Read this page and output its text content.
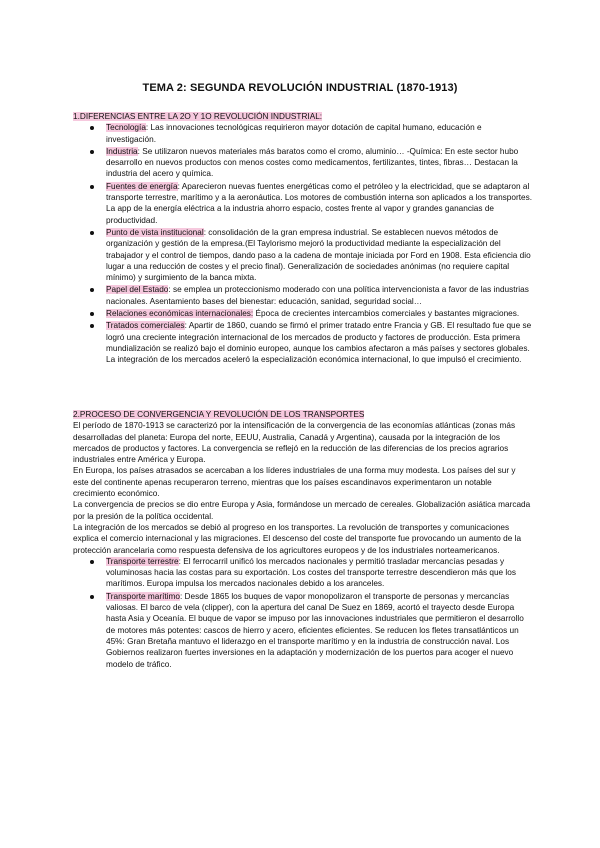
TEMA 2: SEGUNDA REVOLUCIÓN INDUSTRIAL (1870-1913)
1.DIFERENCIAS ENTRE LA 2O Y 1O REVOLUCIÓN INDUSTRIAL:
Tecnología: Las innovaciones tecnológicas requirieron mayor dotación de capital humano, educación e investigación.
Industria: Se utilizaron nuevos materiales más baratos como el cromo, aluminio… -Química: En este sector hubo desarrollo en nuevos productos con menos costes como medicamentos, fertilizantes, tintes, fibras… Destacan la industria del acero y química.
Fuentes de energía: Aparecieron nuevas fuentes energéticas como el petróleo y la electricidad, que se adaptaron al transporte terrestre, marítimo y a la aeronáutica. Los motores de combustión interna son aplicados a los transportes. La app de la energía eléctrica a la industria ahorro espacio, costes frente al vapor y grandes ganancias de productividad.
Punto de vista institucional: consolidación de la gran empresa industrial. Se establecen nuevos métodos de organización y gestión de la empresa.(El Taylorismo mejoró la productividad mediante la especialización del trabajador y el control de tiempos, dando paso a la cadena de montaje iniciada por Ford en 1908. Esta eficiencia dio lugar a una reducción de costes y el precio final). Generalización de sociedades anónimas (no requiere capital mínimo) y surgimiento de la banca mixta.
Papel del Estado: se emplea un proteccionismo moderado con una política intervencionista a favor de las industrias nacionales. Asentamiento bases del bienestar: educación, sanidad, seguridad social…
Relaciones económicas internacionales: Época de crecientes intercambios comerciales y bastantes migraciones.
Tratados comerciales: Apartir de 1860, cuando se firmó el primer tratado entre Francia y GB. El resultado fue que se logró una creciente integración internacional de los mercados de producto y factores de producción. Esta primera mundialización se realizó bajo el dominio europeo, aunque los cambios afectaron a más países y sectores globales. La integración de los mercados aceleró la especialización económica internacional, lo que impulsó el crecimiento.
2.PROCESO DE CONVERGENCIA Y REVOLUCIÓN DE LOS TRANSPORTES

El período de 1870-1913 se caracterizó por la intensificación de la convergencia de las economías atlánticas (zonas más desarrolladas del planeta: Europa del norte, EEUU, Australia, Canadá y Argentina), causada por la integración de los mercados de productos y factores. La convergencia se reflejó en la reducción de las diferencias de los precios agrarios industriales entre América y Europa.

En Europa, los países atrasados se acercaban a los líderes industriales de una forma muy modesta. Los países del sur y este del continente apenas recuperaron terreno, mientras que los países escandinavos experimentaron un notable crecimiento económico.

La convergencia de precios se dio entre Europa y Asia, formándose un mercado de cereales. Globalización asiática marcada por la presión de la política occidental.

La integración de los mercados se debió al progreso en los transportes. La revolución de transportes y comunicaciones explica el comercio internacional y las migraciones. El descenso del coste del transporte fue provocando un aumento de la protección arancelaria como respuesta defensiva de los agricultores europeos y de los industriales norteamericanos.

Transporte terrestre: El ferrocarril unificó los mercados nacionales y permitió trasladar mercancías pesadas y voluminosas hacia las costas para su exportación. Los costes del transporte terrestre descendieron más que los marítimos. Europa impulsa los mercados nacionales debido a los aranceles.
Transporte marítimo: Desde 1865 los buques de vapor monopolizaron el transporte de personas y mercancías valiosas. El barco de vela (clipper), con la apertura del canal De Suez en 1869, acortó el trayecto desde Europa hasta Asia y Oceanía. El buque de vapor se impuso por las innovaciones industriales que permitieron el desarrollo de motores más potentes: cascos de hierro y acero, eficientes eficientes. Se reducen los fletes transatlánticos un 45%: Gran Bretaña mantuvo el liderazgo en el transporte marítimo y en la industria de construcción naval. Los Gobiernos realizaron fuertes inversiones en la adaptación y modernización de los puertos para acoger el nuevo modelo de tráfico.
